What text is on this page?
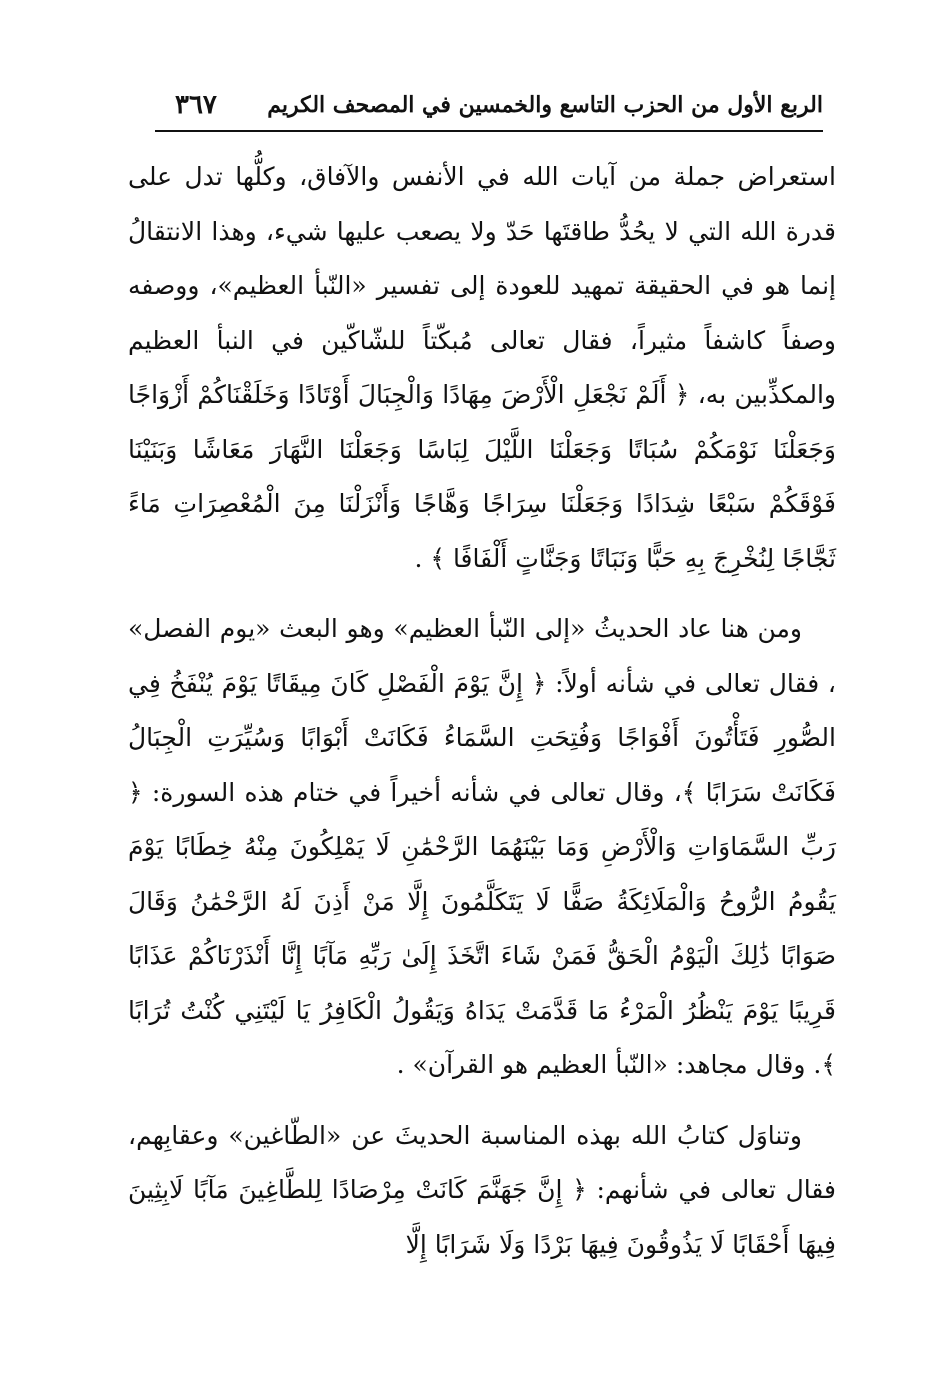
الربع الأول من الحزب التاسع والخمسين في المصحف الكريم
٣٦٧

استعراض جملة من آيات الله في الأنفس والآفاق، وكلُّها تدل على قدرة الله التي لا يحُدُّ طاقتَها حَدّ ولا يصعب عليها شيء، وهذا الانتقالُ إنما هو في الحقيقة تمهيد للعودة إلى تفسير «النّبأ العظيم»، ووصفه وصفاً كاشفاً مثيراً، فقال تعالى مُبكّتاً للشّاكّين في النبأ العظيم والمكذِّبين به، ﴿ أَلَمْ نَجْعَلِ الْأَرْضَ مِهَادًا وَالْجِبَالَ أَوْتَادًا وَخَلَقْنَاكُمْ أَزْوَاجًا وَجَعَلْنَا نَوْمَكُمْ سُبَاتًا وَجَعَلْنَا اللَّيْلَ لِبَاسًا وَجَعَلْنَا النَّهَارَ مَعَاشًا وَبَنَيْنَا فَوْقَكُمْ سَبْعًا شِدَادًا وَجَعَلْنَا سِرَاجًا وَهَّاجًا وَأَنْزَلْنَا مِنَ الْمُعْصِرَاتِ مَاءً ثَجَّاجًا لِنُخْرِجَ بِهِ حَبًّا وَنَبَاتًا وَجَنَّاتٍ أَلْفَافًا ﴾ .

ومن هنا عاد الحديثُ «إلى النّبأ العظيم» وهو البعث «يوم الفصل» ، فقال تعالى في شأنه أولاً: ﴿ إِنَّ يَوْمَ الْفَصْلِ كَانَ مِيقَاتًا يَوْمَ يُنْفَخُ فِي الصُّورِ فَتَأْتُونَ أَفْوَاجًا وَفُتِحَتِ السَّمَاءُ فَكَانَتْ أَبْوَابًا وَسُيِّرَتِ الْجِبَالُ فَكَانَتْ سَرَابًا ﴾، وقال تعالى في شأنه أخيراً في ختام هذه السورة: ﴿ رَبِّ السَّمَاوَاتِ وَالْأَرْضِ وَمَا بَيْنَهُمَا الرَّحْمَٰنِ لَا يَمْلِكُونَ مِنْهُ خِطَابًا يَوْمَ يَقُومُ الرُّوحُ وَالْمَلَائِكَةُ صَفًّا لَا يَتَكَلَّمُونَ إِلَّا مَنْ أَذِنَ لَهُ الرَّحْمَٰنُ وَقَالَ صَوَابًا ذَٰلِكَ الْيَوْمُ الْحَقُّ فَمَنْ شَاءَ اتَّخَذَ إِلَىٰ رَبِّهِ مَآبًا إِنَّا أَنْذَرْنَاكُمْ عَذَابًا قَرِيبًا يَوْمَ يَنْظُرُ الْمَرْءُ مَا قَدَّمَتْ يَدَاهُ وَيَقُولُ الْكَافِرُ يَا لَيْتَنِي كُنْتُ تُرَابًا ﴾. وقال مجاهد: «النّبأ العظيم هو القرآن» .

وتناوَل كتابُ الله بهذه المناسبة الحديثَ عن «الطّاغين» وعقابِهم، فقال تعالى في شأنهم: ﴿ إِنَّ جَهَنَّمَ كَانَتْ مِرْصَادًا لِلطَّاغِينَ مَآبًا لَابِثِينَ فِيهَا أَحْقَابًا لَا يَذُوقُونَ فِيهَا بَرْدًا وَلَا شَرَابًا إِلَّا
